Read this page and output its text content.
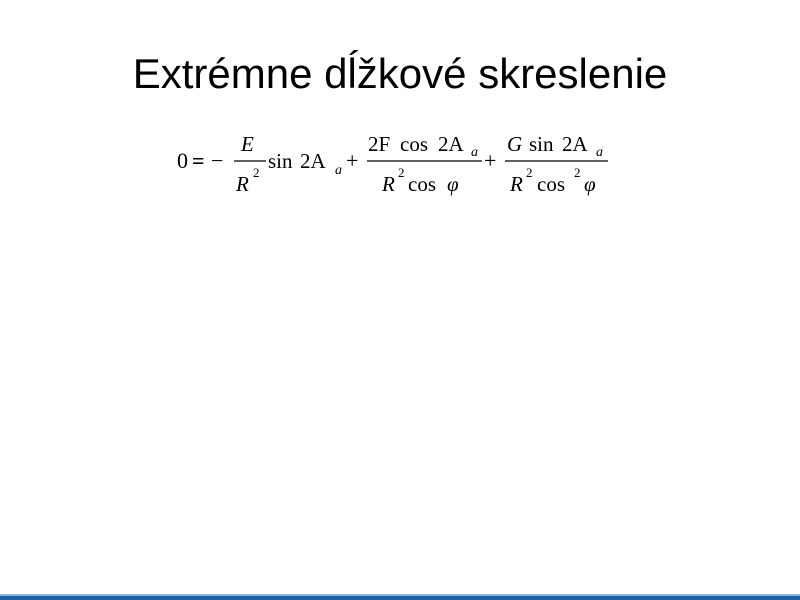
Extrémne dĺžkové skreslenie
0 = −
E
R 2 sin 2A a +
2F cos 2A a
R 2 cos φ
+
G sin 2A a
R 2 cos 2 φ
